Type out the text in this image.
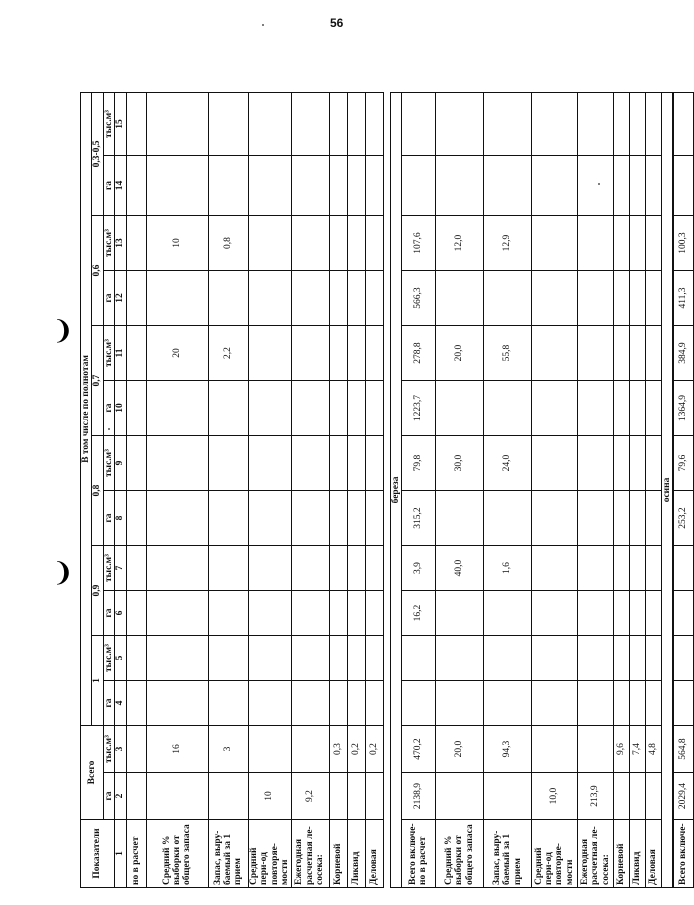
56
❩
❩
Показатели	Всего		В том числе по полнотам											
			1		0,9		0,8		0,7		0,6		0,3-0,5	
	га	тыс.м³	га	тыс.м³	га	тыс.м³	га	тыс.м³	га	тыс.м³	га	тыс.м³	га	тыс.м³
1	2	3	4	5	6	7	8	9	10	11	12	13	14	15
но в расчет														
Средний % выборки от общего запаса		16								20		10		
Запас, выру-баемый за 1 прием		3								2,2		0,8		
Средний пери-од повторяе-мости	10													
Ежегодная расчетная ле-сосека:	9,2													
Корневой		0,3												
Ликвид		0,2												
Деловая		0,2												

береза														
Всего включе-но в расчет	2138,9	470,2			16,2	3,9	315,2	79,8	1223,7	278,8	566,3	107,6		
Средний % выборки от общего запаса		20,0				40,0		30,0		20,0		12,0		
Запас, выру-баемый за 1 прием		94,3				1,6		24,0		55,8		12,9		
Средний пери-од повторяе-мости	10,0													
Ежегодная расчетная ле-сосека:	213,9													
Корневой		9,6												
Ликвид		7,4												
Деловая		4,8												
осина														
Всего включе-	2029,4	564,8					253,2	79,6	1364,9	384,9	411,3	100,3		
